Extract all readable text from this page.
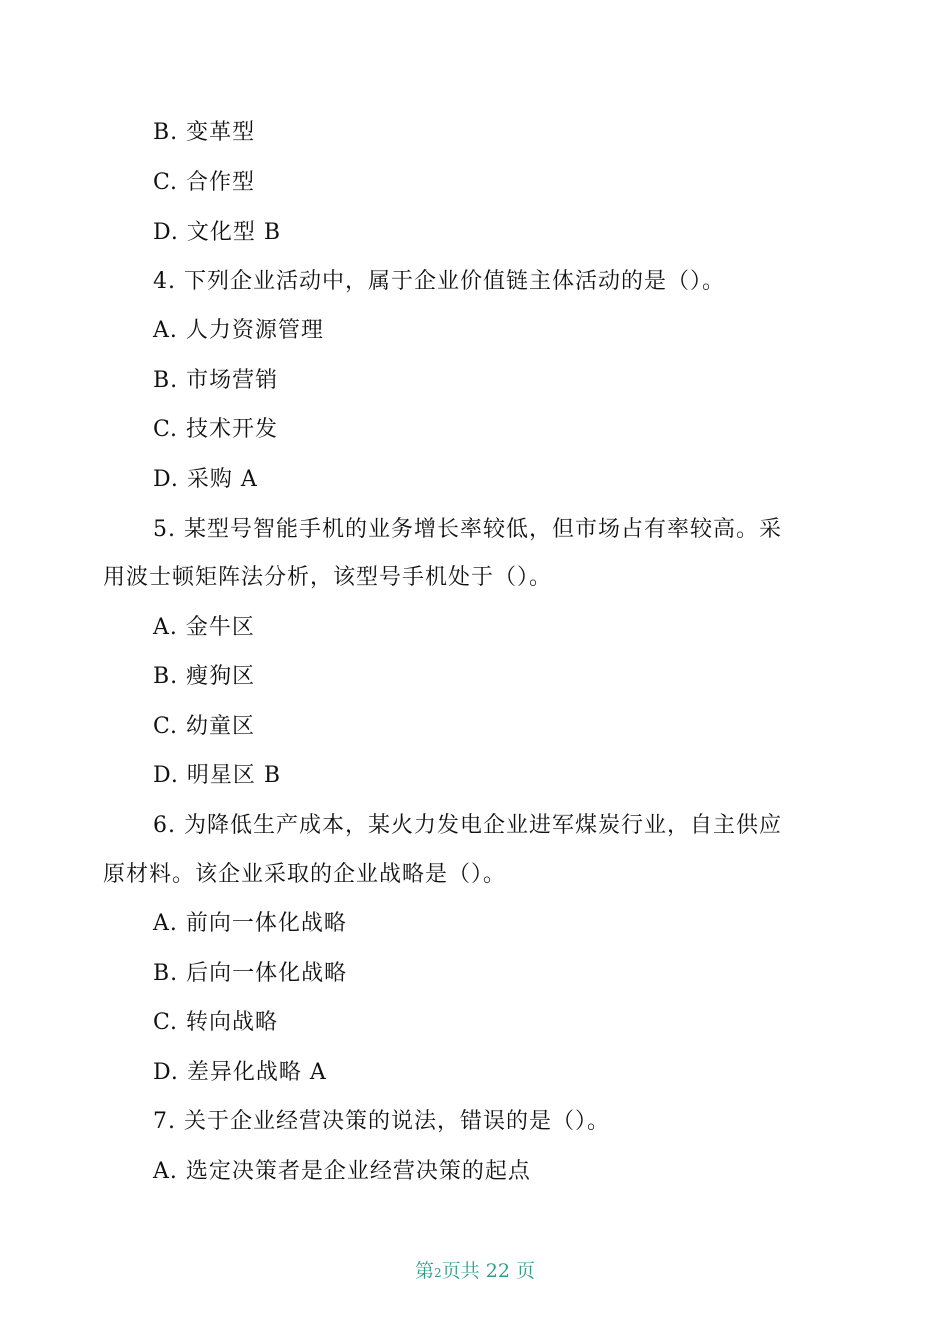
B. 变革型
C. 合作型
D. 文化型 B
4. 下列企业活动中，属于企业价值链主体活动的是（）。
A. 人力资源管理
B. 市场营销
C. 技术开发
D. 采购 A
5. 某型号智能手机的业务增长率较低，但市场占有率较高。采
用波士顿矩阵法分析，该型号手机处于（）。
A. 金牛区
B. 瘦狗区
C. 幼童区
D. 明星区 B
6. 为降低生产成本，某火力发电企业进军煤炭行业，自主供应
原材料。该企业采取的企业战略是（）。
A. 前向一体化战略
B. 后向一体化战略
C. 转向战略
D. 差异化战略 A
7. 关于企业经营决策的说法，错误的是（）。
A. 选定决策者是企业经营决策的起点
第2页共 22 页
